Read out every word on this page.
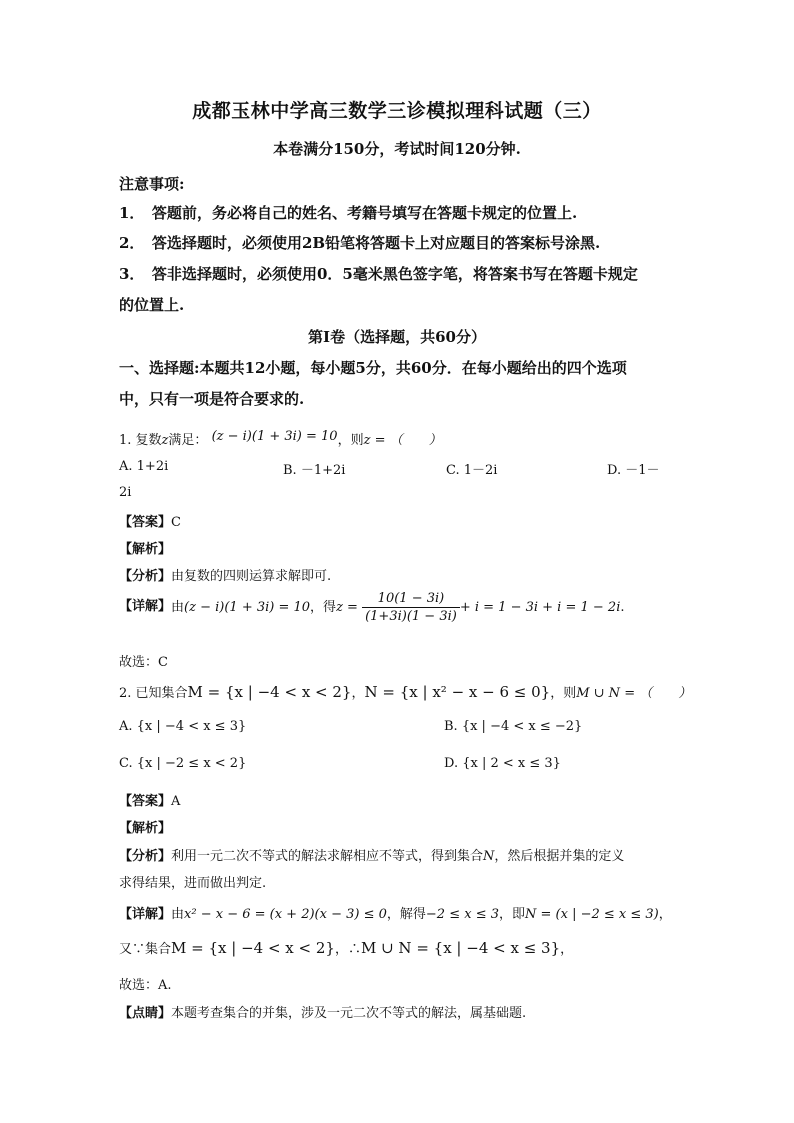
成都玉林中学高三数学三诊模拟理科试题（三）
本卷满分150分，考试时间120分钟.
注意事项:
1．　答题前，务必将自己的姓名、考籍号填写在答题卡规定的位置上.
2．　答选择题时，必须使用2B铅笔将答题卡上对应题目的答案标号涂黑.
3．　答非选择题时，必须使用0．5毫米黑色签字笔，将答案书写在答题卡规定
的位置上.
第Ⅰ卷（选择题，共60分）
一、选择题:本题共12小题，每小题5分，共60分．在每小题给出的四个选项
中，只有一项是符合要求的.
1. 复数z满足： (z − i)(1 + 3i) = 10，则z = （　　）
A. 1+2i	B. －1+2i	C. 1－2i	D. －1－
2i
【答案】C
【解析】
【分析】由复数的四则运算求解即可.
【详解】由(z − i)(1 + 3i) = 10，得$z = \frac{10(1 - 3i)}{(1+3i)(1 - 3i)} + i = 1 - 3i + i = 1 - 2i$.
故选：C
2. 已知集合M = {x | −4 < x < 2}，N = {x | x² − x − 6 ≤ 0}，则M ∪ N = （　　）
A. {x | −4 < x ≤ 3}	B. {x | −4 < x ≤ −2}
C. {x | −2 ≤ x < 2}	D. {x | 2 < x ≤ 3}
【答案】A
【解析】
【分析】利用一元二次不等式的解法求解相应不等式，得到集合N，然后根据并集的定义
求得结果，进而做出判定.
【详解】由x² − x − 6 = (x + 2)(x − 3) ≤ 0，解得−2 ≤ x ≤ 3，即N = (x | −2 ≤ x ≤ 3)，
又∵集合M = {x | −4 < x < 2}，∴M ∪ N = {x | −4 < x ≤ 3}，
故选：A.
【点睛】本题考查集合的并集，涉及一元二次不等式的解法，属基础题.
